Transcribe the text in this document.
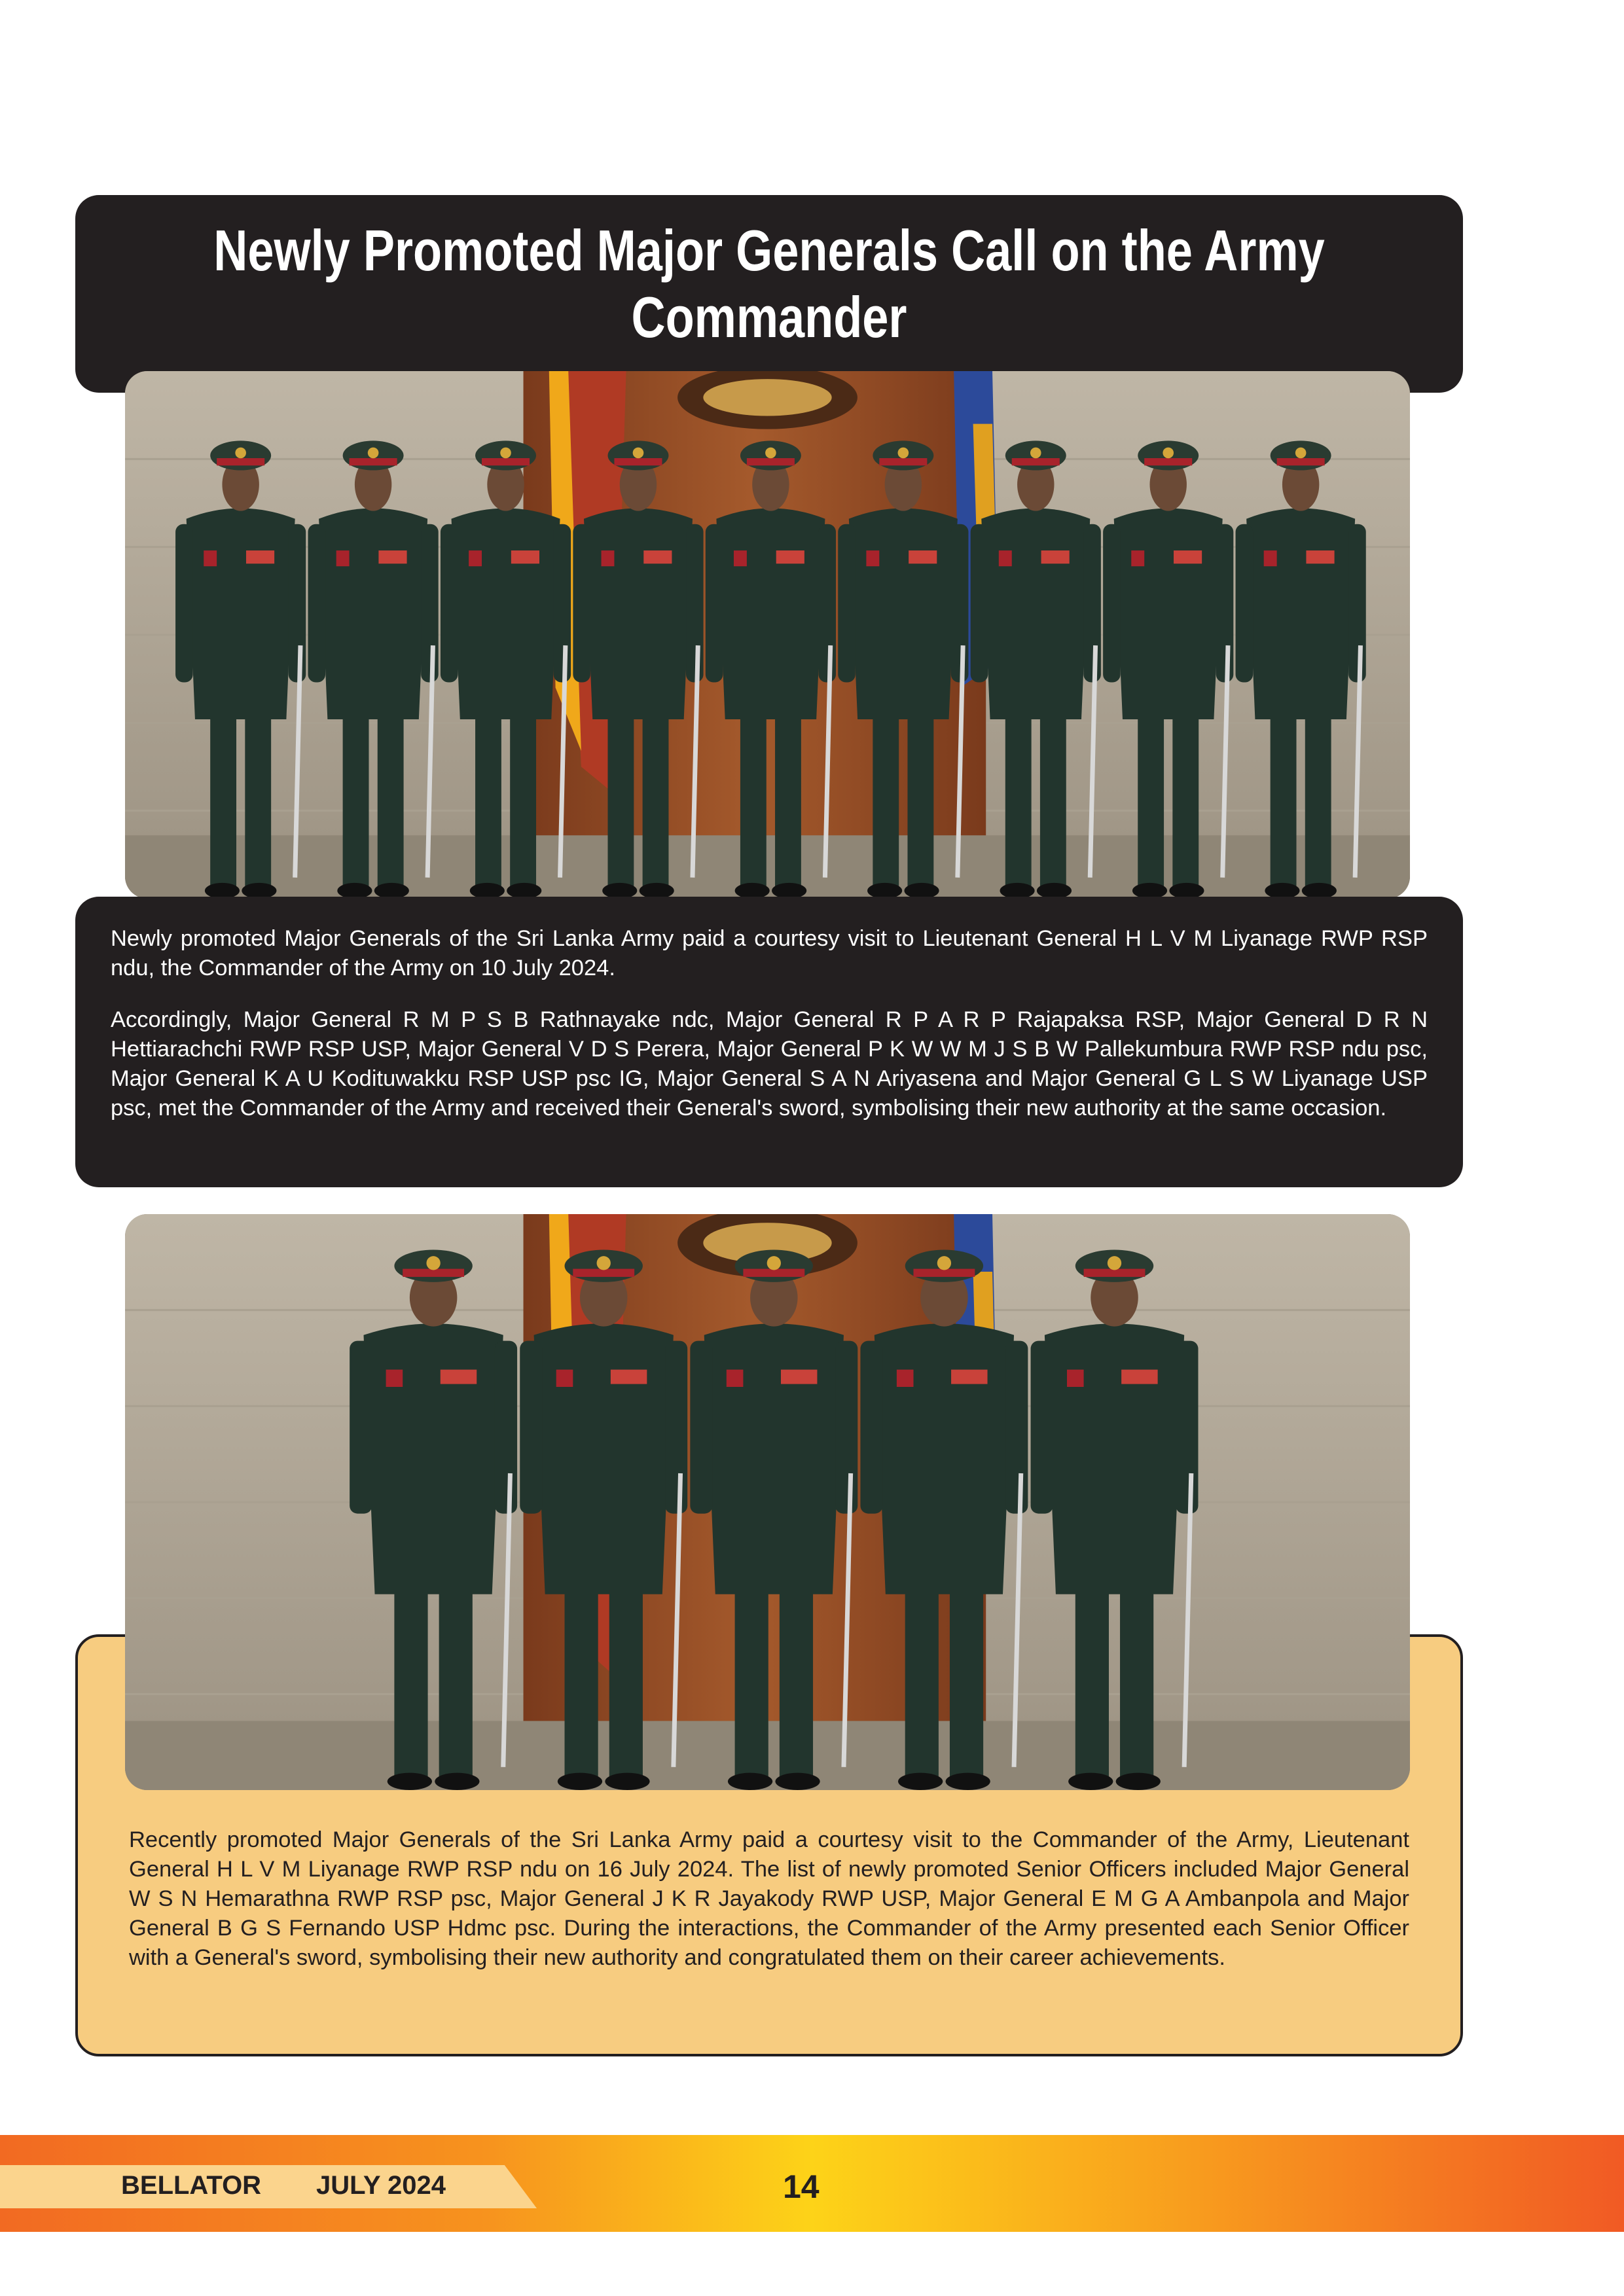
Newly Promoted Major Generals Call on the Army Commander

Newly promoted Major Generals of the Sri Lanka Army paid a courtesy visit to Lieutenant General H L V M Liyanage RWP RSP ndu, the Commander of the Army on 10 July 2024.

Accordingly, Major General R M P S B Rathnayake ndc, Major General R P A R P Rajapaksa RSP, Major General D R N Hettiarachchi RWP RSP USP, Major General V D S Perera, Major General P K W W M J S B W Pallekumbura RWP RSP ndu psc, Major General K A U Kodituwakku RSP USP psc IG, Major General S A N Ariyasena and Major General G L S W Liyanage USP psc, met the Commander of the Army and received their General's sword, symbolising their new authority at the same occasion.

Recently promoted Major Generals of the Sri Lanka Army paid a courtesy visit to the Commander of the Army, Lieutenant General H L V M Liyanage RWP RSP ndu on 16 July 2024. The list of newly promoted Senior Officers included Major General W S N Hemarathna RWP RSP psc, Major General J K R Jayakody RWP USP, Major General E M G A Ambanpola and Major General B G S Fernando USP Hdmc psc. During the interactions, the Commander of the Army presented each Senior Officer with a General's sword, symbolising their new authority and congratulated them on their career achievements.

BELLATOR JULY 2024	14
